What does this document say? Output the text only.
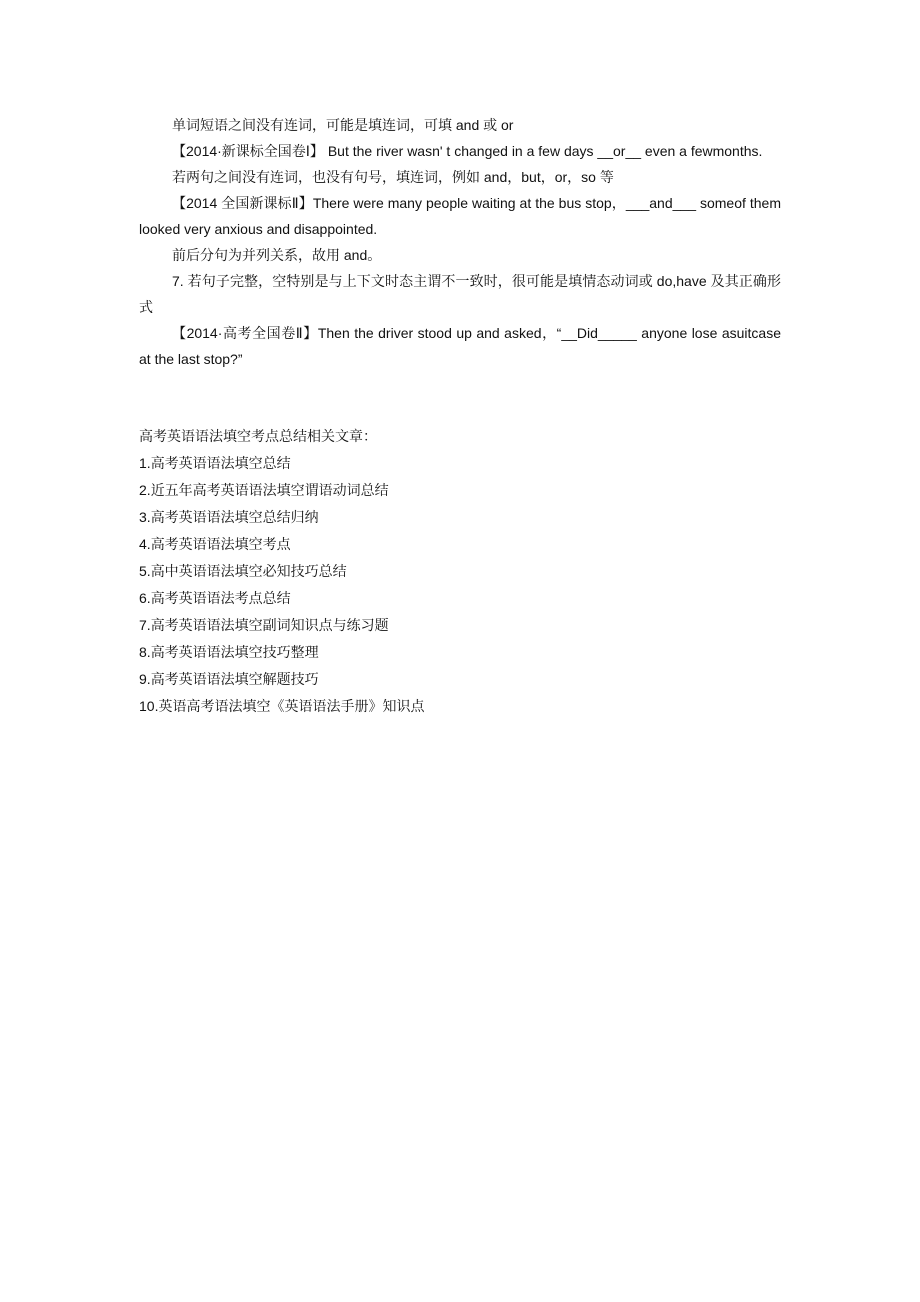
单词短语之间没有连词，可能是填连词，可填 and 或 or

【2014·新课标全国卷Ⅰ】 But the river wasn' t changed in a few days __or__ even a fewmonths.

若两句之间没有连词，也没有句号，填连词，例如 and，but，or，so 等

【2014 全国新课标Ⅱ】There were many people waiting at the bus stop，___and___ someof them looked very anxious and disappointed.

前后分句为并列关系，故用 and。

7. 若句子完整，空特别是与上下文时态主谓不一致时，很可能是填情态动词或 do,have 及其正确形式

【2014·高考全国卷Ⅱ】Then the driver stood up and asked，“__Did_____ anyone lose asuitcase at the last stop?”

高考英语语法填空考点总结相关文章：

1.高考英语语法填空总结
2.近五年高考英语语法填空谓语动词总结
3.高考英语语法填空总结归纳
4.高考英语语法填空考点
5.高中英语语法填空必知技巧总结
6.高考英语语法考点总结
7.高考英语语法填空副词知识点与练习题
8.高考英语语法填空技巧整理
9.高考英语语法填空解题技巧
10.英语高考语法填空《英语语法手册》知识点
